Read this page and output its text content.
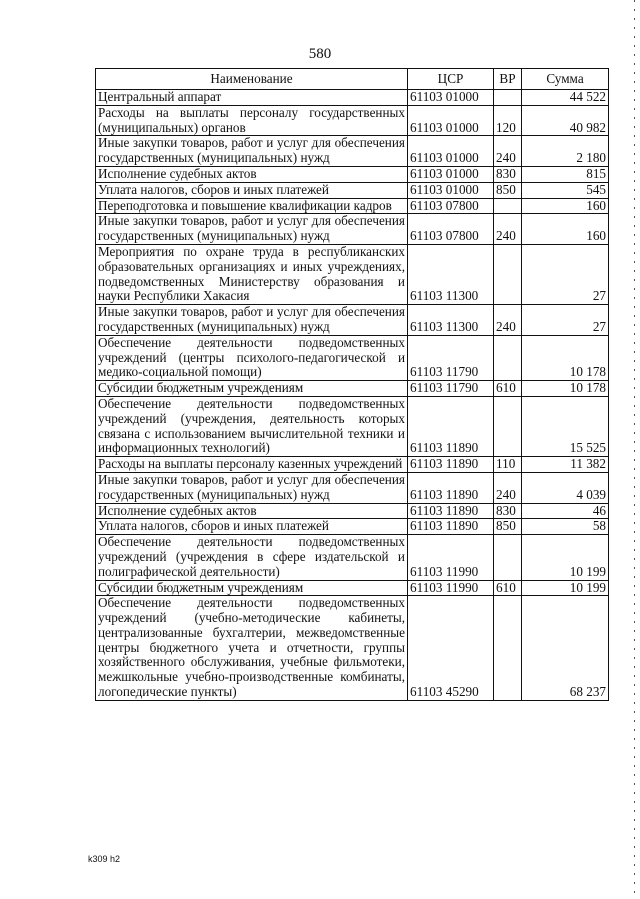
580
Наименование	ЦСР	ВР	Сумма
Центральный аппарат	61103 01000		44 522
Расходы на выплаты персоналу государственных (муниципальных) органов	61103 01000	120	40 982
Иные закупки товаров, работ и услуг для обеспечения государственных (муниципальных) нужд	61103 01000	240	2 180
Исполнение судебных актов	61103 01000	830	815
Уплата налогов, сборов и иных платежей	61103 01000	850	545
Переподготовка и повышение квалификации кадров	61103 07800		160
Иные закупки товаров, работ и услуг для обеспечения государственных (муниципальных) нужд	61103 07800	240	160
Мероприятия по охране труда в республиканских образовательных организациях и иных учреждениях, подведомственных Министерству образования и науки Республики Хакасия	61103 11300		27
Иные закупки товаров, работ и услуг для обеспечения государственных (муниципальных) нужд	61103 11300	240	27
Обеспечение деятельности подведомственных учреждений (центры психолого-педагогической и медико-социальной помощи)	61103 11790		10 178
Субсидии бюджетным учреждениям	61103 11790	610	10 178
Обеспечение деятельности подведомственных учреждений (учреждения, деятельность которых связана с использованием вычислительной техники и информационных технологий)	61103 11890		15 525
Расходы на выплаты персоналу казенных учреждений	61103 11890	110	11 382
Иные закупки товаров, работ и услуг для обеспечения государственных (муниципальных) нужд	61103 11890	240	4 039
Исполнение судебных актов	61103 11890	830	46
Уплата налогов, сборов и иных платежей	61103 11890	850	58
Обеспечение деятельности подведомственных учреждений (учреждения в сфере издательской и полиграфической деятельности)	61103 11990		10 199
Субсидии бюджетным учреждениям	61103 11990	610	10 199
Обеспечение деятельности подведомственных учреждений (учебно-методические кабинеты, централизованные бухгалтерии, межведомственные центры бюджетного учета и отчетности, группы хозяйственного обслуживания, учебные фильмотеки, межшкольные учебно-производственные комбинаты, логопедические пункты)	61103 45290		68 237
k309 h2
